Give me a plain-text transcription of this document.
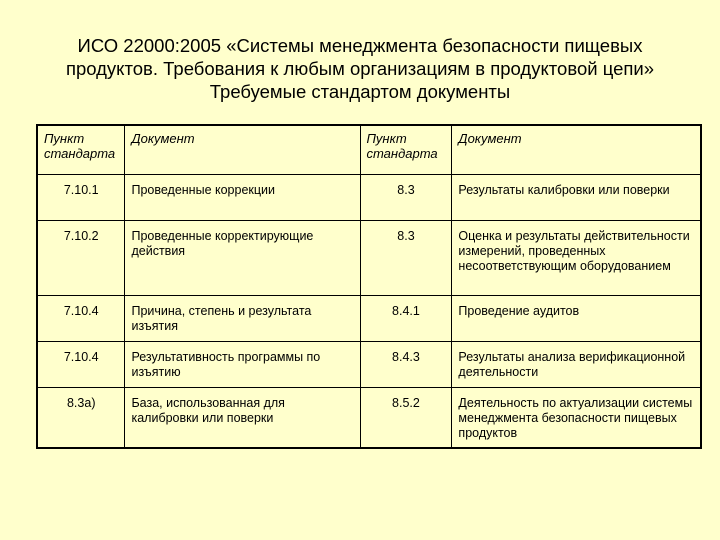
ИСО 22000:2005 «Системы менеджмента безопасности пищевых
продуктов. Требования к любым организациям в продуктовой цепи»
Требуемые стандартом документы
Пункт стандарта	Документ	Пункт стандарта	Документ
7.10.1	Проведенные коррекции	8.3	Результаты калибровки или поверки
7.10.2	Проведенные корректирующие действия	8.3	Оценка и результаты действительности измерений, проведенных несоответствующим оборудованием
7.10.4	Причина, степень и результата изъятия	8.4.1	Проведение аудитов
7.10.4	Результативность программы по изъятию	8.4.3	Результаты анализа верификационной деятельности
8.3а)	База, использованная для калибровки или поверки	8.5.2	Деятельность по актуализации системы менеджмента безопасности пищевых продуктов
